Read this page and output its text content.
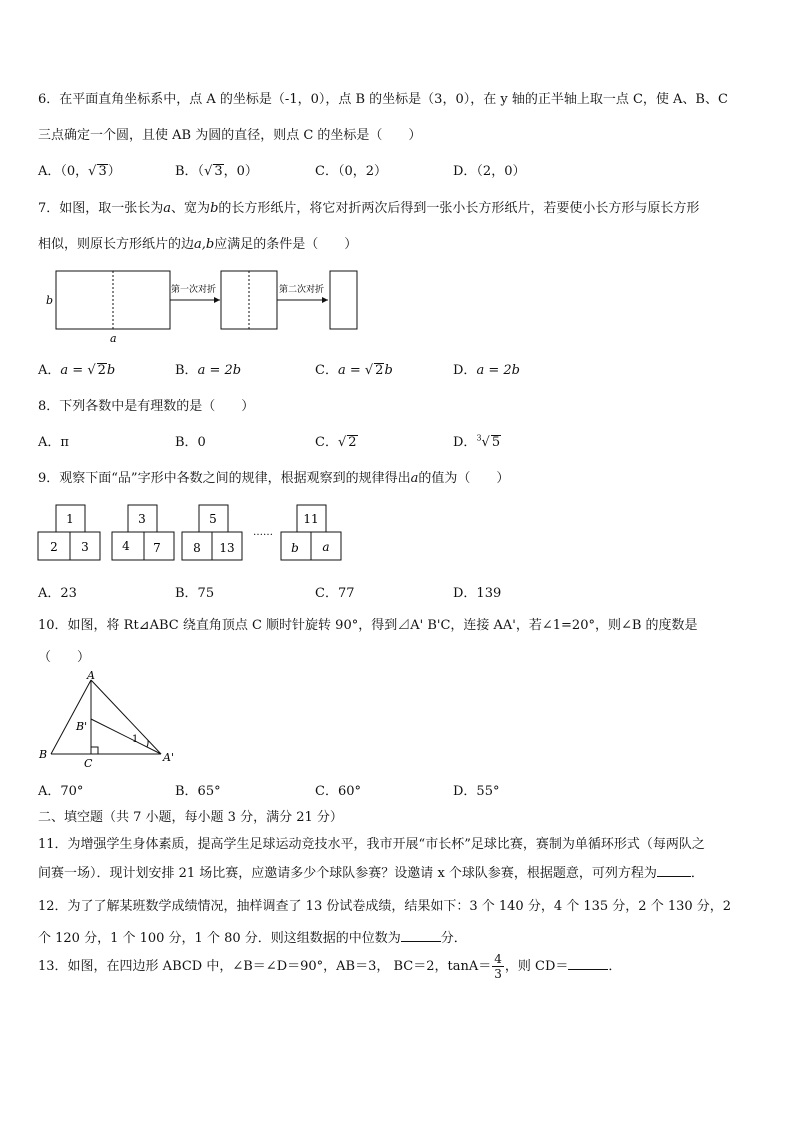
6．在平面直角坐标系中，点 A 的坐标是（-1，0），点 B 的坐标是（3，0），在 y 轴的正半轴上取一点 C，使 A、B、C
三点确定一个圆，且使 AB 为圆的直径，则点 C 的坐标是（　　）
A．（0，√ 3）	B．（√ 3，0）	C．（0，2）	D．（2，0）
7．如图，取一张长为a、宽为b的长方形纸片，将它对折两次后得到一张小长方形纸片，若要使小长方形与原长方形
相似，则原长方形纸片的边a,b应满足的条件是（　　）
b
a
第一次对折	第二次对折
A．a = √ 2b	B．a = 2b	C．a = √ 2b	D．a = 2b
8．下列各数中是有理数的是（　　）
A．π	B．0	C．√ 2	D．$^3$√ 5
9．观察下面“品”字形中各数之间的规律，根据观察到的规律得出a的值为（　　）
1
2 3
3
4 7
5
8 13
……
11
b a
A．23	B．75	C．77	D．139
10．如图，将 Rt⊿ABC 绕直角顶点 C 顺时针旋转 90°，得到⊿A' B'C，连接 AA'，若∠1=20°，则∠B 的度数是
（　　）
A
B
C
B'
A'
1
A．70°	B．65°	C．60°	D．55°
二、填空题（共 7 小题，每小题 3 分，满分 21 分）
11．为增强学生身体素质，提高学生足球运动竞技水平，我市开展“市长杯”足球比赛，赛制为单循环形式（每两队之
间赛一场）．现计划安排 21 场比赛，应邀请多少个球队参赛？设邀请 x 个球队参赛，根据题意，可列方程为	．
12．为了了解某班数学成绩情况，抽样调查了 13 份试卷成绩，结果如下：3 个 140 分，4 个 135 分，2 个 130 分，2
个 120 分，1 个 100 分，1 个 80 分．则这组数据的中位数为	分．
13．如图，在四边形 ABCD 中，∠B＝∠D＝90°，AB＝3， BC＝2，$\tan A= \frac{4}{3}$ ，则 CD＝	．
